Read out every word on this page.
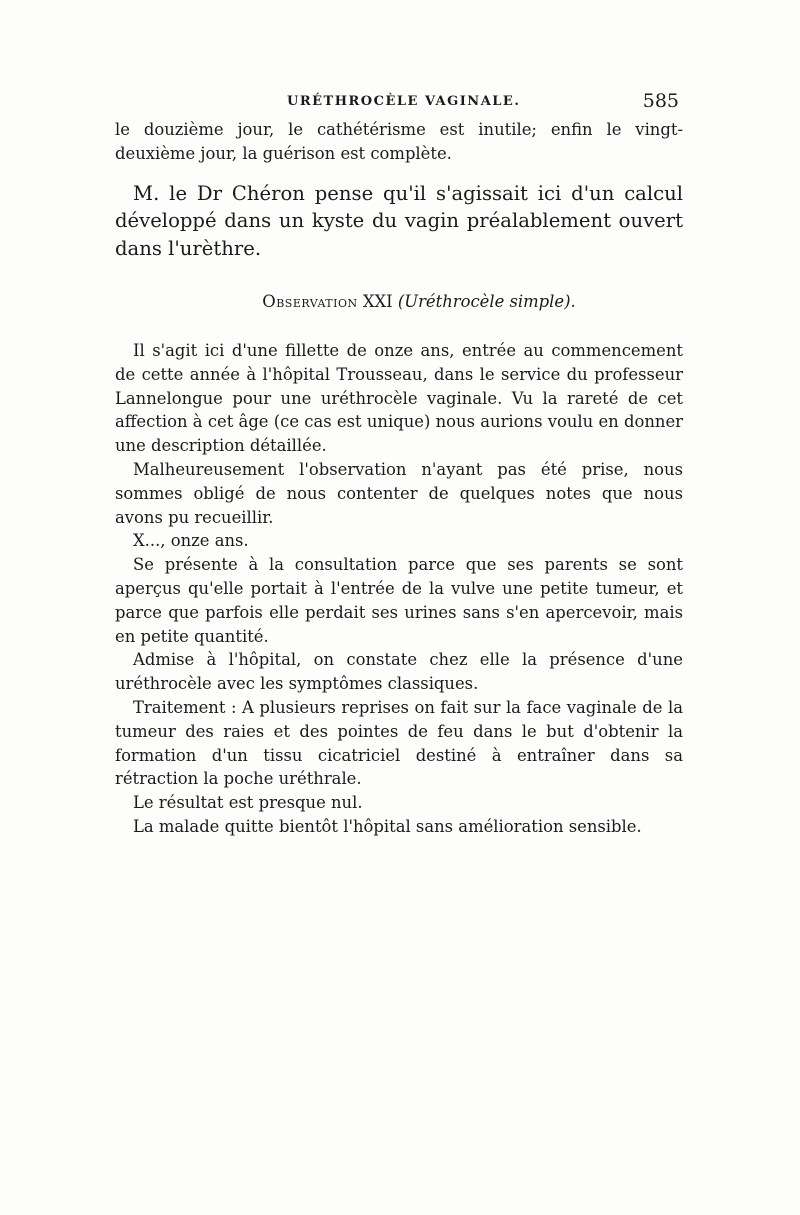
URÉTHROCÈLE VAGINALE.	585

le douzième jour, le cathétérisme est inutile; enfin le vingt-deuxième jour, la guérison est complète.

M. le Dr Chéron pense qu'il s'agissait ici d'un calcul développé dans un kyste du vagin préalablement ouvert dans l'urèthre.

Observation XXI (Uréthrocèle simple).

Il s'agit ici d'une fillette de onze ans, entrée au commencement de cette année à l'hôpital Trousseau, dans le service du professeur Lannelongue pour une uréthrocèle vaginale. Vu la rareté de cet affection à cet âge (ce cas est unique) nous aurions voulu en donner une description détaillée.

Malheureusement l'observation n'ayant pas été prise, nous sommes obligé de nous contenter de quelques notes que nous avons pu recueillir.

X..., onze ans.

Se présente à la consultation parce que ses parents se sont aperçus qu'elle portait à l'entrée de la vulve une petite tumeur, et parce que parfois elle perdait ses urines sans s'en apercevoir, mais en petite quantité.

Admise à l'hôpital, on constate chez elle la présence d'une uréthrocèle avec les symptômes classiques.

Traitement : A plusieurs reprises on fait sur la face vaginale de la tumeur des raies et des pointes de feu dans le but d'obtenir la formation d'un tissu cicatriciel destiné à entraîner dans sa rétraction la poche uréthrale.

Le résultat est presque nul.

La malade quitte bientôt l'hôpital sans amélioration sensible.
